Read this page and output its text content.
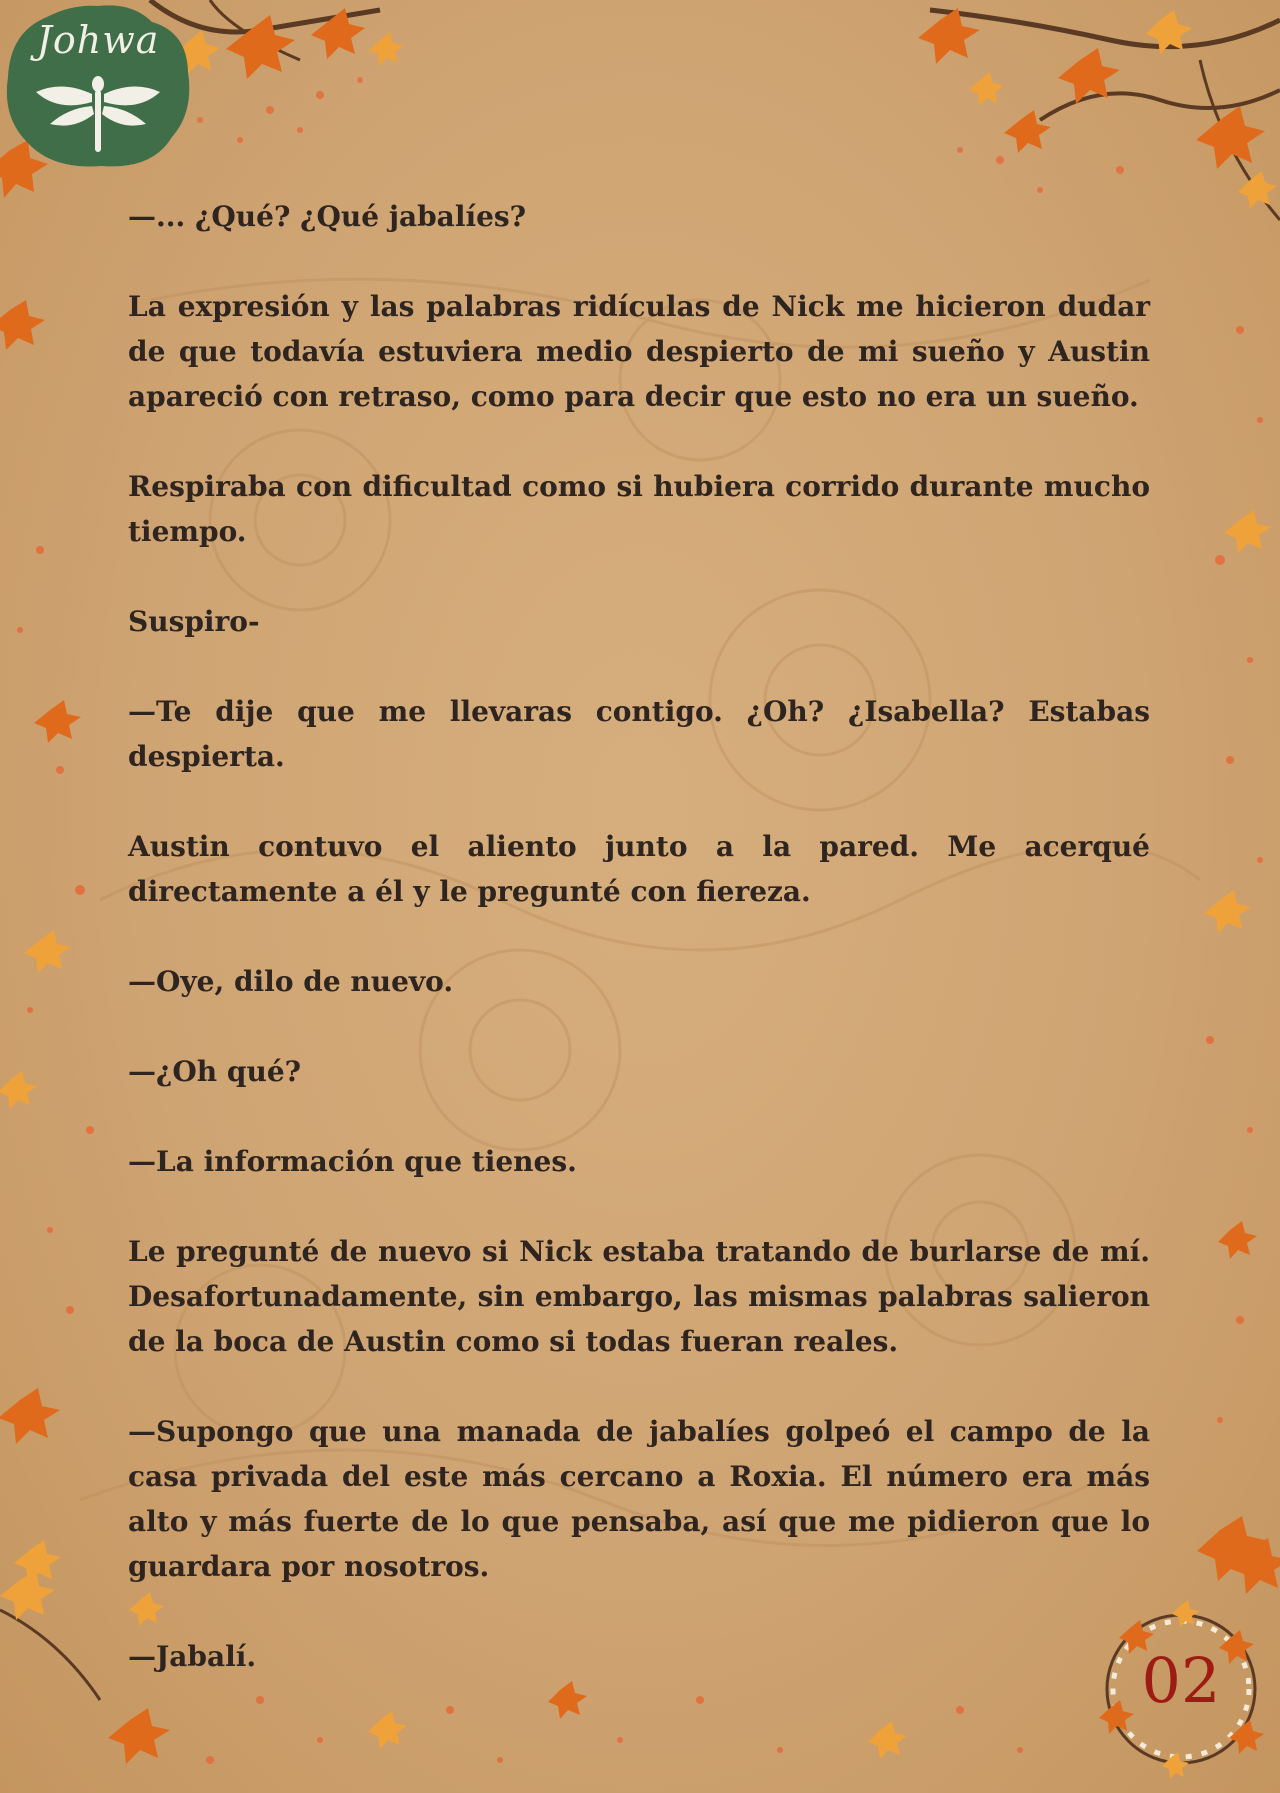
Johwa

—... ¿Qué? ¿Qué jabalíes?

La expresión y las palabras ridículas de Nick me hicieron dudar de que todavía estuviera medio despierto de mi sueño y Austin apareció con retraso, como para decir que esto no era un sueño.

Respiraba con dificultad como si hubiera corrido durante mucho tiempo.

Suspiro-

—Te dije que me llevaras contigo. ¿Oh? ¿Isabella? Estabas despierta.

Austin contuvo el aliento junto a la pared. Me acerqué directamente a él y le pregunté con fiereza.

—Oye, dilo de nuevo.

—¿Oh qué?

—La información que tienes.

Le pregunté de nuevo si Nick estaba tratando de burlarse de mí. Desafortunadamente, sin embargo, las mismas palabras salieron de la boca de Austin como si todas fueran reales.

—Supongo que una manada de jabalíes golpeó el campo de la casa privada del este más cercano a Roxia. El número era más alto y más fuerte de lo que pensaba, así que me pidieron que lo guardara por nosotros.

—Jabalí.	02
